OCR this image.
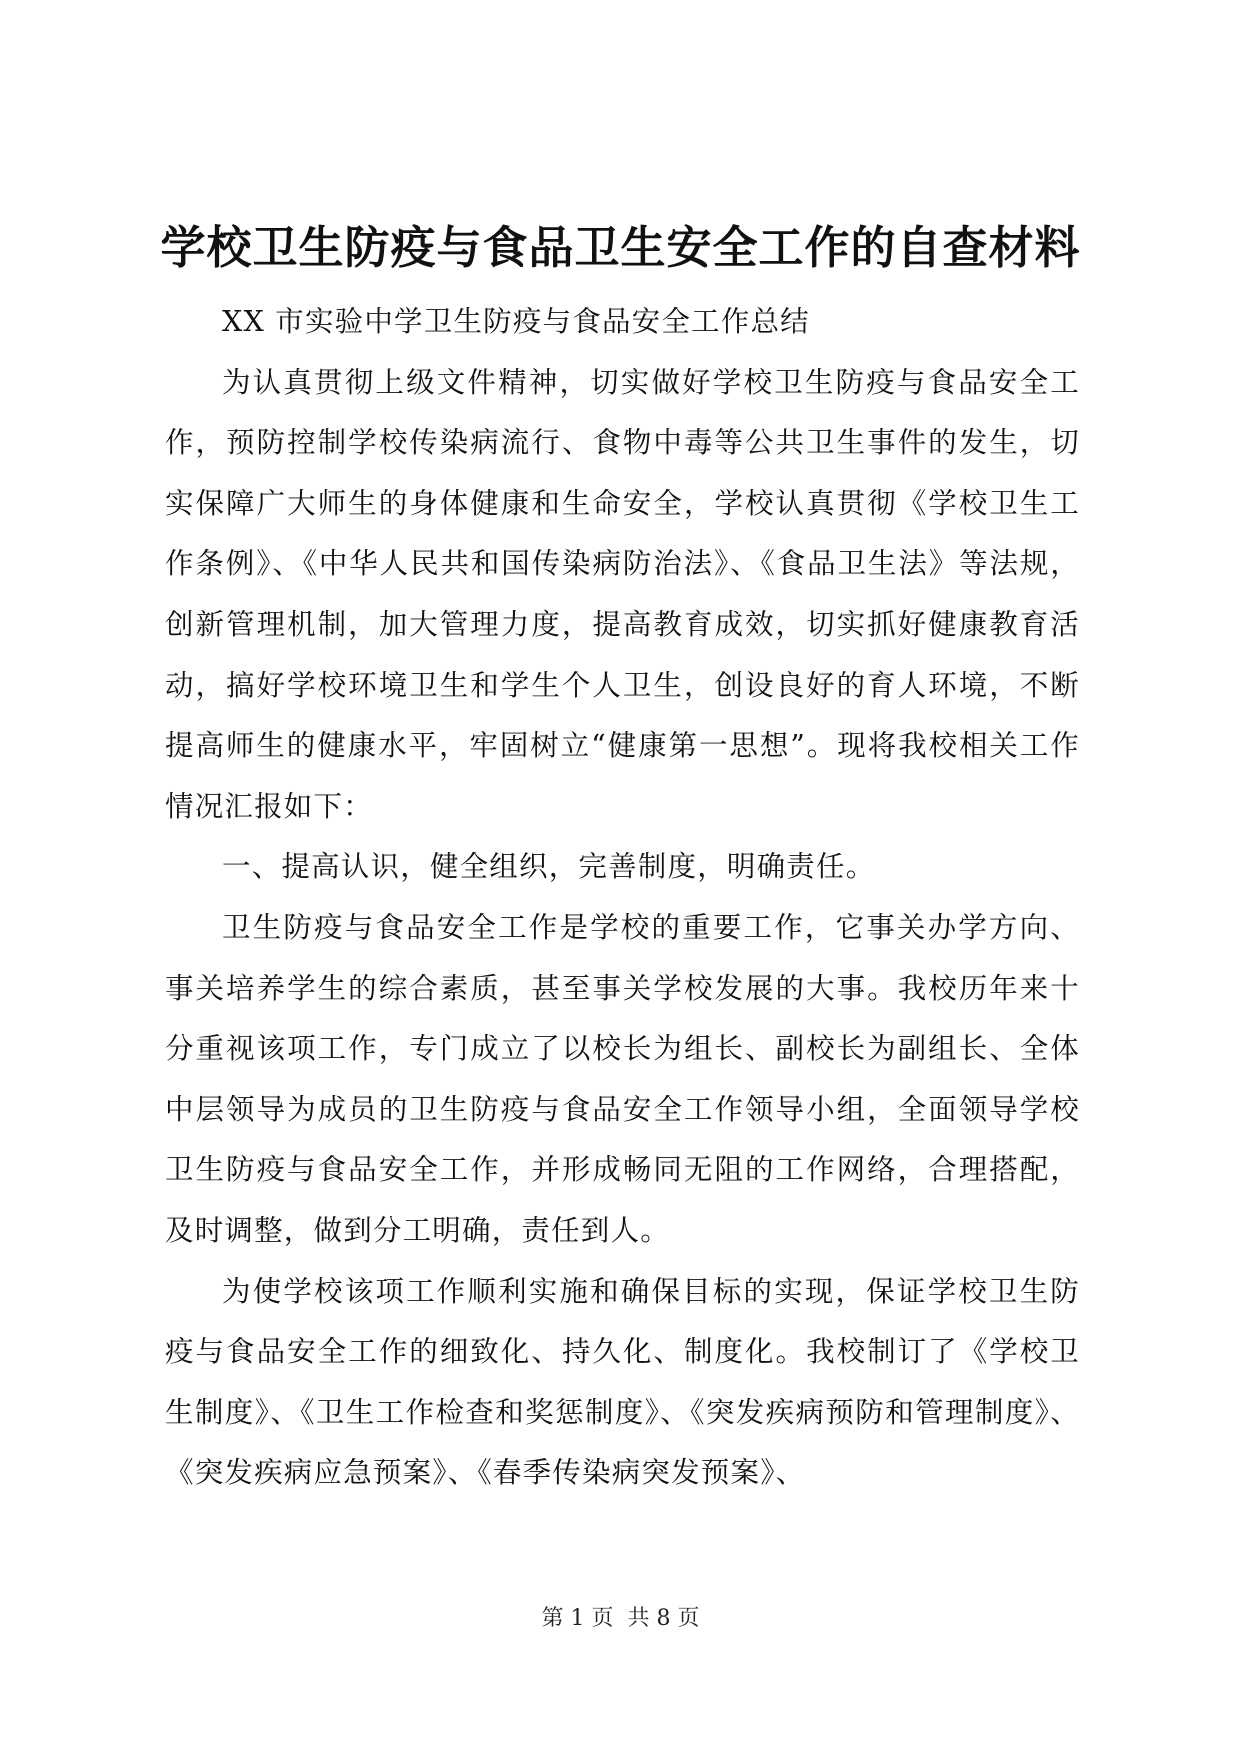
学校卫生防疫与食品卫生安全工作的自查材料

XX 市实验中学卫生防疫与食品安全工作总结

为认真贯彻上级文件精神，切实做好学校卫生防疫与食品安全工作，预防控制学校传染病流行、食物中毒等公共卫生事件的发生，切实保障广大师生的身体健康和生命安全，学校认真贯彻《学校卫生工作条例》、《中华人民共和国传染病防治法》、《食品卫生法》等法规，创新管理机制，加大管理力度，提高教育成效，切实抓好健康教育活动，搞好学校环境卫生和学生个人卫生，创设良好的育人环境，不断提高师生的健康水平，牢固树立“健康第一思想”。现将我校相关工作情况汇报如下：

一、提高认识，健全组织，完善制度，明确责任。

卫生防疫与食品安全工作是学校的重要工作，它事关办学方向、事关培养学生的综合素质，甚至事关学校发展的大事。我校历年来十分重视该项工作，专门成立了以校长为组长、副校长为副组长、全体中层领导为成员的卫生防疫与食品安全工作领导小组，全面领导学校卫生防疫与食品安全工作，并形成畅同无阻的工作网络，合理搭配，及时调整，做到分工明确，责任到人。

为使学校该项工作顺利实施和确保目标的实现，保证学校卫生防疫与食品安全工作的细致化、持久化、制度化。我校制订了《学校卫生制度》、《卫生工作检查和奖惩制度》、《突发疾病预防和管理制度》、《突发疾病应急预案》、《春季传染病突发预案》、

第 1 页  共 8 页
